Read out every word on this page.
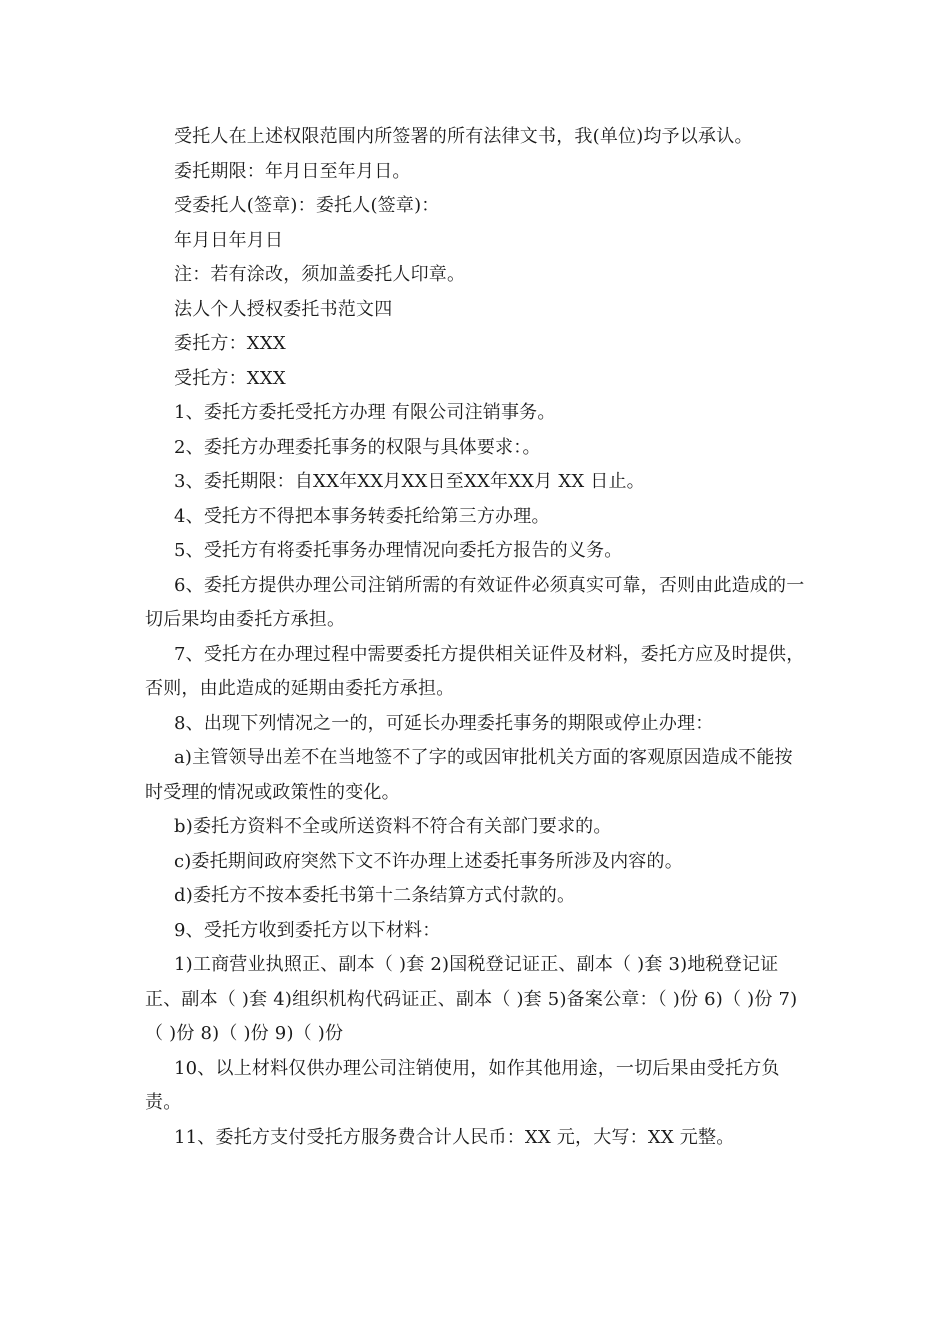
受托人在上述权限范围内所签署的所有法律文书，我(单位)均予以承认。

委托期限：年月日至年月日。

受委托人(签章)：委托人(签章)：

年月日年月日

注：若有涂改，须加盖委托人印章。

法人个人授权委托书范文四

委托方：XXX

受托方：XXX

1、委托方委托受托方办理 有限公司注销事务。

2、委托方办理委托事务的权限与具体要求：。

3、委托期限：自XX年XX月XX日至XX年XX月 XX 日止。

4、受托方不得把本事务转委托给第三方办理。

5、受托方有将委托事务办理情况向委托方报告的义务。

6、委托方提供办理公司注销所需的有效证件必须真实可靠，否则由此造成的一切后果均由委托方承担。

7、受托方在办理过程中需要委托方提供相关证件及材料，委托方应及时提供，否则，由此造成的延期由委托方承担。

8、出现下列情况之一的，可延长办理委托事务的期限或停止办理：

a)主管领导出差不在当地签不了字的或因审批机关方面的客观原因造成不能按时受理的情况或政策性的变化。

b)委托方资料不全或所送资料不符合有关部门要求的。

c)委托期间政府突然下文不许办理上述委托事务所涉及内容的。

d)委托方不按本委托书第十二条结算方式付款的。

9、受托方收到委托方以下材料：

1)工商营业执照正、副本（ )套 2)国税登记证正、副本（ )套 3)地税登记证正、副本（ )套 4)组织机构代码证正、副本（ )套 5)备案公章：（ )份 6)（ )份 7)（ )份 8)（ )份 9)（ )份

10、以上材料仅供办理公司注销使用，如作其他用途，一切后果由受托方负责。

11、委托方支付受托方服务费合计人民币：XX 元，大写：XX 元整。
